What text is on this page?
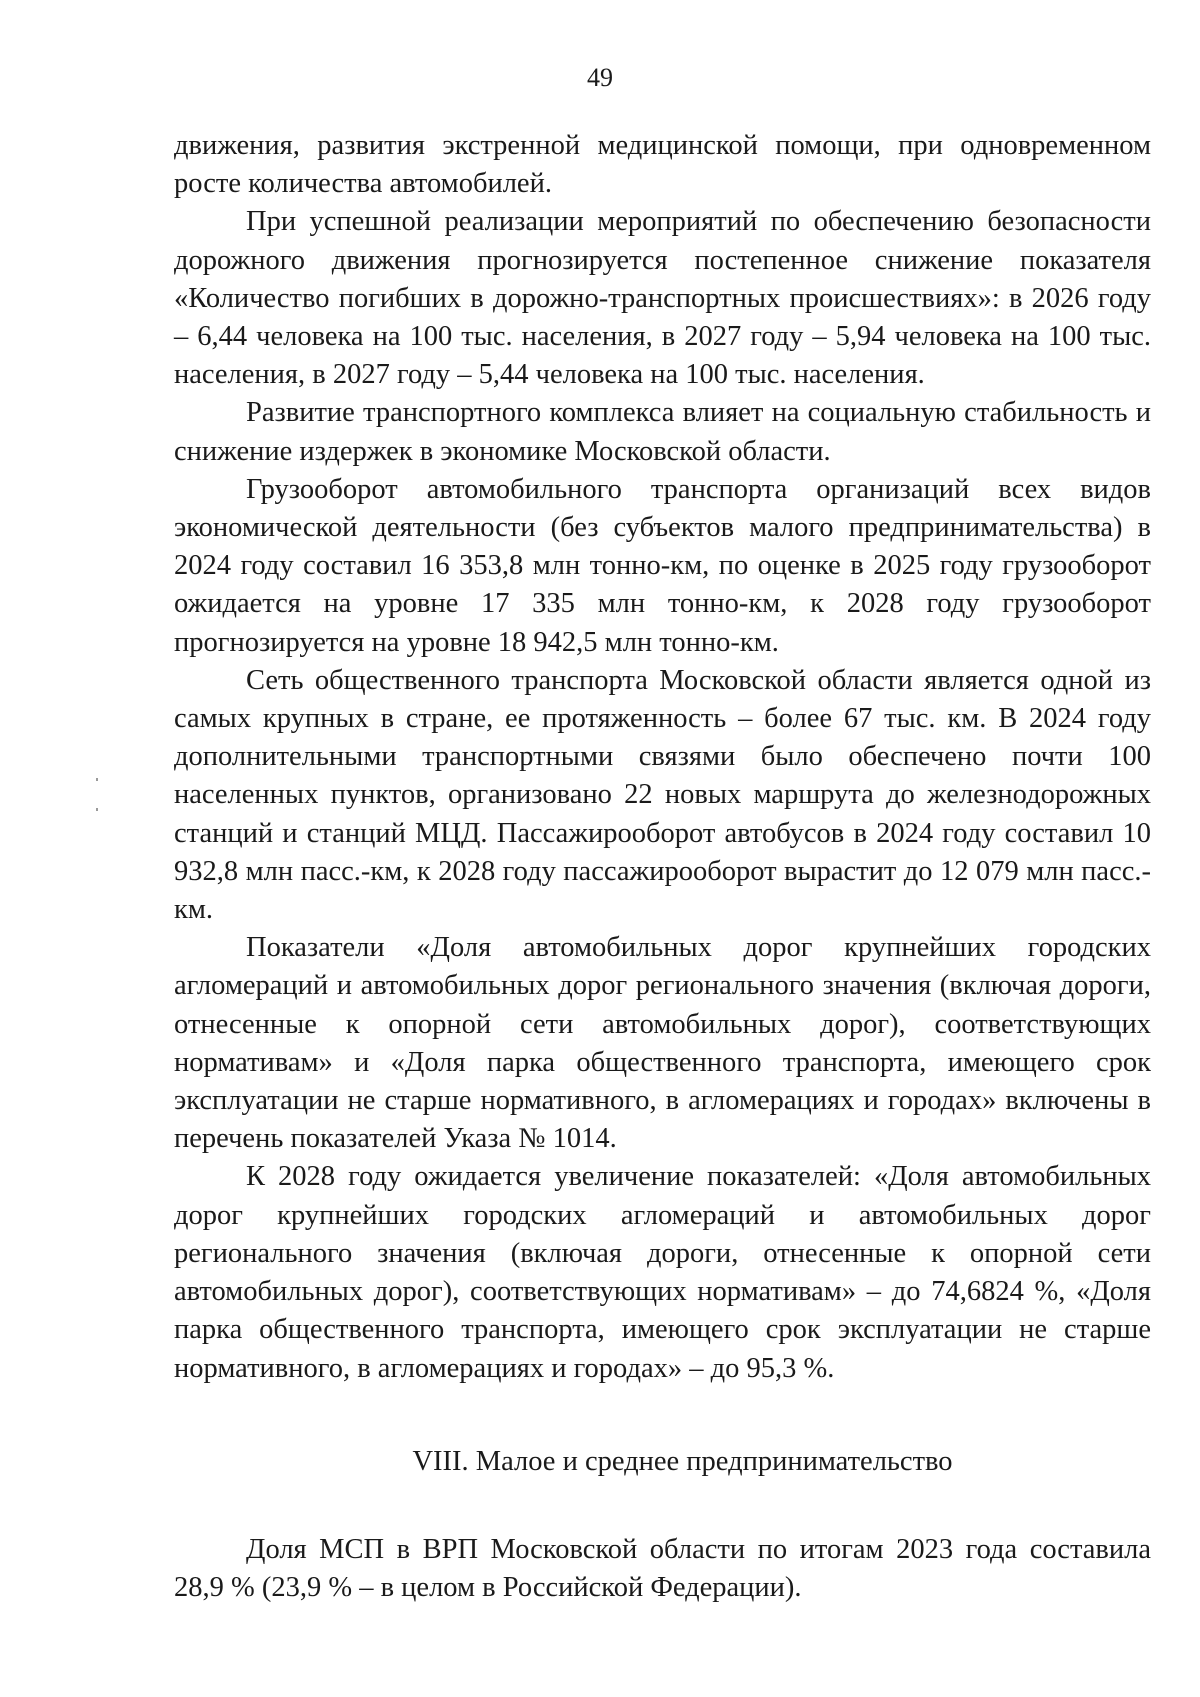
49

движения, развития экстренной медицинской помощи, при одновременном росте количества автомобилей.

При успешной реализации мероприятий по обеспечению безопасности дорожного движения прогнозируется постепенное снижение показателя «Количество погибших в дорожно-транспортных происшествиях»: в 2026 году – 6,44 человека на 100 тыс. населения, в 2027 году – 5,94 человека на 100 тыс. населения, в 2027 году – 5,44 человека на 100 тыс. населения.

Развитие транспортного комплекса влияет на социальную стабильность и снижение издержек в экономике Московской области.

Грузооборот автомобильного транспорта организаций всех видов экономической деятельности (без субъектов малого предпринимательства) в 2024 году составил 16 353,8 млн тонно-км, по оценке в 2025 году грузооборот ожидается на уровне 17 335 млн тонно-км, к 2028 году грузооборот прогнозируется на уровне 18 942,5 млн тонно-км.

Сеть общественного транспорта Московской области является одной из самых крупных в стране, ее протяженность – более 67 тыс. км. В 2024 году дополнительными транспортными связями было обеспечено почти 100 населенных пунктов, организовано 22 новых маршрута до железнодорожных станций и станций МЦД. Пассажирооборот автобусов в 2024 году составил 10 932,8 млн пасс.-км, к 2028 году пассажирооборот вырастит до 12 079 млн пасс.-км.

Показатели «Доля автомобильных дорог крупнейших городских агломераций и автомобильных дорог регионального значения (включая дороги, отнесенные к опорной сети автомобильных дорог), соответствующих нормативам» и «Доля парка общественного транспорта, имеющего срок эксплуатации не старше нормативного, в агломерациях и городах» включены в перечень показателей Указа № 1014.

К 2028 году ожидается увеличение показателей: «Доля автомобильных дорог крупнейших городских агломераций и автомобильных дорог регионального значения (включая дороги, отнесенные к опорной сети автомобильных дорог), соответствующих нормативам» – до 74,6824 %, «Доля парка общественного транспорта, имеющего срок эксплуатации не старше нормативного, в агломерациях и городах» – до 95,3 %.

VIII. Малое и среднее предпринимательство

Доля МСП в ВРП Московской области по итогам 2023 года составила 28,9 % (23,9 % – в целом в Российской Федерации).
